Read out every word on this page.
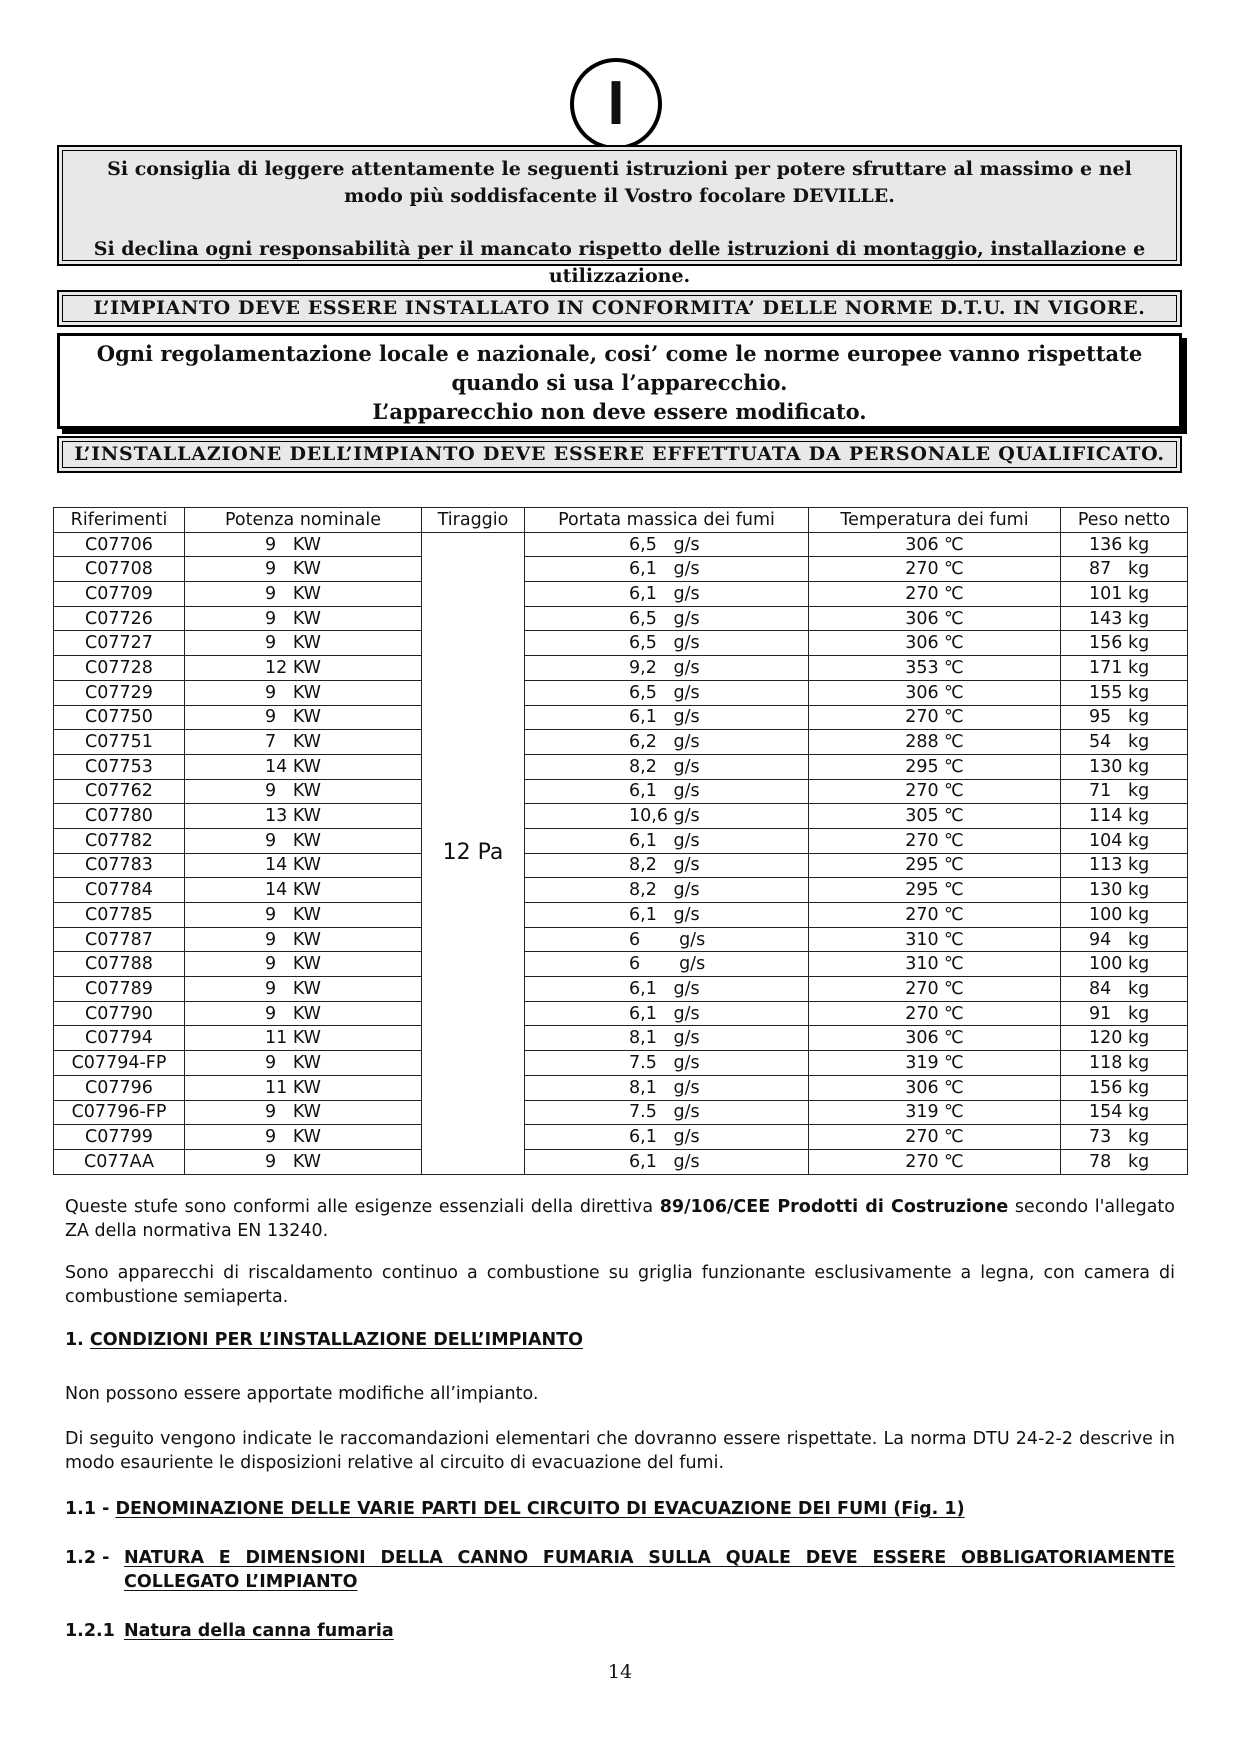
I

Si consiglia di leggere attentamente le seguenti istruzioni per potere sfruttare al massimo e nel modo più soddisfacente il Vostro focolare DEVILLE.

Si declina ogni responsabilità per il mancato rispetto delle istruzioni di montaggio, installazione e utilizzazione.

L’IMPIANTO DEVE ESSERE INSTALLATO IN CONFORMITA’ DELLE NORME D.T.U. IN VIGORE.

Ogni regolamentazione locale e nazionale, cosi’ come le norme europee vanno rispettate quando si usa l’apparecchio.

L’apparecchio non deve essere modificato.

L’INSTALLAZIONE DELL’IMPIANTO DEVE ESSERE EFFETTUATA DA PERSONALE QUALIFICATO.
Riferimenti	Potenza nominale	Tiraggio	Portata massica dei fumi	Temperatura dei fumi	Peso netto
C07706	9   KW	12 Pa	6,5   g/s	306 ℃	136 kg
C07708	9   KW		6,1   g/s	270 ℃	87   kg
C07709	9   KW		6,1   g/s	270 ℃	101 kg
C07726	9   KW		6,5   g/s	306 ℃	143 kg
C07727	9   KW		6,5   g/s	306 ℃	156 kg
C07728	12 KW		9,2   g/s	353 ℃	171 kg
C07729	9   KW		6,5   g/s	306 ℃	155 kg
C07750	9   KW		6,1   g/s	270 ℃	95   kg
C07751	7   KW		6,2   g/s	288 ℃	54   kg
C07753	14 KW		8,2   g/s	295 ℃	130 kg
C07762	9   KW		6,1   g/s	270 ℃	71   kg
C07780	13 KW		10,6 g/s	305 ℃	114 kg
C07782	9   KW		6,1   g/s	270 ℃	104 kg
C07783	14 KW		8,2   g/s	295 ℃	113 kg
C07784	14 KW		8,2   g/s	295 ℃	130 kg
C07785	9   KW		6,1   g/s	270 ℃	100 kg
C07787	9   KW		6       g/s	310 ℃	94   kg
C07788	9   KW		6       g/s	310 ℃	100 kg
C07789	9   KW		6,1   g/s	270 ℃	84   kg
C07790	9   KW		6,1   g/s	270 ℃	91   kg
C07794	11 KW		8,1   g/s	306 ℃	120 kg
C07794-FP	9   KW		7.5   g/s	319 ℃	118 kg
C07796	11 KW		8,1   g/s	306 ℃	156 kg
C07796-FP	9   KW		7.5   g/s	319 ℃	154 kg
C07799	9   KW		6,1   g/s	270 ℃	73   kg
C077AA	9   KW		6,1   g/s	270 ℃	78   kg

Queste stufe sono conformi alle esigenze essenziali della direttiva 89/106/CEE Prodotti di Costruzione secondo l'allegato ZA della normativa EN 13240.

Sono apparecchi di riscaldamento continuo a combustione su griglia funzionante esclusivamente a legna, con camera di combustione semiaperta.

1. CONDIZIONI PER L’INSTALLAZIONE DELL’IMPIANTO

Non possono essere apportate modifiche all’impianto.

Di seguito vengono indicate le raccomandazioni elementari che dovranno essere rispettate. La norma DTU 24-2-2 descrive in modo esauriente le disposizioni relative al circuito di evacuazione del fumi.

1.1 - DENOMINAZIONE DELLE VARIE PARTI DEL CIRCUITO DI EVACUAZIONE DEI FUMI (Fig. 1)
1.2 - NATURA E DIMENSIONI DELLA CANNO FUMARIA SULLA QUALE DEVE ESSERE OBBLIGATORIAMENTE COLLEGATO L’IMPIANTO
1.2.1 Natura della canna fumaria
14
